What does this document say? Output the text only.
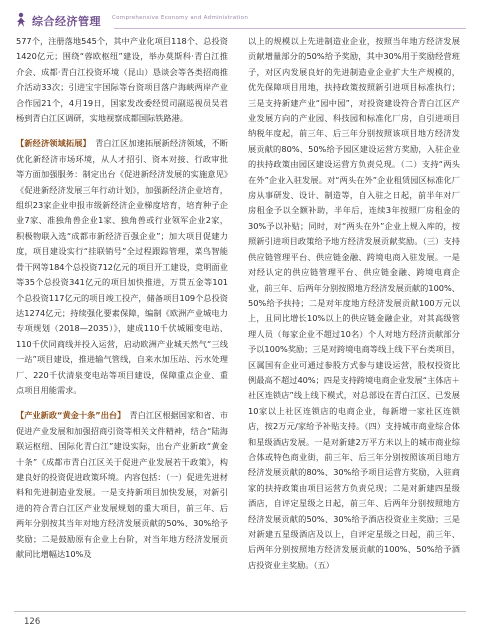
综合经济管理 Comprehensive Economy and Administration

577个，注册落地545个，其中产业化项目118个、总投资1420亿元；围绕“蓉欧枢纽”建设，举办莫斯科·青白江推介会、成都·青白江投资环境（昆山）恳谈会等各类招商推介活动33次；引进宝宇国际等台资项目落户海峡两岸产业合作园21个，4月19日，国家发改委经贸司副巡视员吴君杨到青白江区调研，实地视察成都国际铁路港。

【新经济领域拓展】　 青白江区加速拓展新经济领域，不断优化新经济市场环境，从人才招引、资本对接、行政审批等方面加强服务：制定出台《促进新经济发展的实施意见》《促进新经济发展三年行动计划》，加强新经济企业培育，组织23家企业申报市级新经济企业梯度培育，培育种子企业7家、准独角兽企业1家、独角兽或行业领军企业2家，积极物联入选“成都市新经济百强企业”；加大项目促建力度，项目建设实行“挂联销号”全过程跟踪管理，菜鸟智能骨干网等184个总投资712亿元的项目开工建设，竞明面业等35个总投资341亿元的项目加快推进，万贯五金等101个总投资117亿元的项目竣工投产，储备项目109个总投资达1274亿元；持续强化要素保障，编制《欧洲产业城电力专项规划（2018—2035）》，建成110千伏城厢变电站、110千伏同商线并投入运营，启动欧洲产业城天然气“三线一站”项目建设，推进输气管线，自来水加压站、污水处理厂、220千伏清泉变电站等项目建设，保障重点企业、重点项目用能需求。

【产业新政“黄金十条”出台】　 青白江区根据国家和省、市促进产业发展和加强招商引资等相关文件精神，结合“陆海联运枢纽、国际化青白江”建设实际，出台产业新政“黄金十条”《成都市青白江区关于促进产业发展若干政策》，构建良好的投资促进政策环境。内容包括：（一）促进先进材料和先进制造业发展。一是支持新项目加快发展，对新引进的符合青白江区产业发展规划的重大项目，前三年、后两年分别按其当年对地方经济发展贡献的50%、30%给予奖励；二是鼓励原有企业上台阶，对当年地方经济发展贡献同比增幅达10%及

以上的规模以上先进制造业企业，按照当年地方经济发展贡献增量部分的50%给予奖励，其中30%用于奖励经营班子，对区内发展良好的先进制造业企业扩大生产规模的，优先保障项目用地，扶持政策按照新引进项目标准执行；三是支持新建产业“园中园”，对投资建设符合青白江区产业发展方向的产业园、科技园和标准化厂房，自引进项目纳税年度起，前三年、后三年分别按照该项目地方经济发展贡献的80%、50%给予园区建设运营方奖励，入驻企业的扶持政策由园区建设运营方负责兑现。（二）支持“两头在外”企业入驻发展。对“两头在外”企业租赁园区标准化厂房从事研发、设计、制造等，自入驻之日起，前半年对厂房租金予以全额补助，半年后，连续3年按照厂房租金的30%予以补贴；同时，对“两头在外”企业上规入库的，按照新引进项目政策给予地方经济发展贡献奖励。（三）支持供应链管理平台、供应链金融、跨境电商入驻发展。一是对经认定的供应链管理平台、供应链金融、跨境电商企业，前三年、后两年分别按照地方经济发展贡献的100%、50%给予扶持；二是对年度地方经济发展贡献100万元以上，且同比增长10%以上的供应链金融企业，对其高级管理人员（每家企业不超过10名）个人对地方经济贡献部分予以100%奖励；三是对跨境电商等线上线下平台类项目，区属国有企业可通过参股方式参与建设运营，股权投资比例最高不超过40%；四是支持跨境电商企业发展“主体店＋社区连锁店”线上线下模式，对总部设在青白江区、已发展10家以上社区连锁店的电商企业，每新增一家社区连锁店，按2万元/家给予补贴支持。（四）支持城市商业综合体和星级酒店发展。一是对新建2万平方米以上的城市商业综合体或特色商业街，前三年、后三年分别按照该项目地方经济发展贡献的80%、30%给予项目运营方奖励，入驻商家的扶持政策由项目运营方负责兑现；二是对新建四星级酒店，自评定星级之日起，前三年、后两年分别按照地方经济发展贡献的50%、30%给予酒店投资业主奖励；三是对新建五星级酒店及以上，自评定星级之日起，前三年、后两年分别按照地方经济发展贡献的100%、50%给予酒店投资业主奖励。（五）

126
